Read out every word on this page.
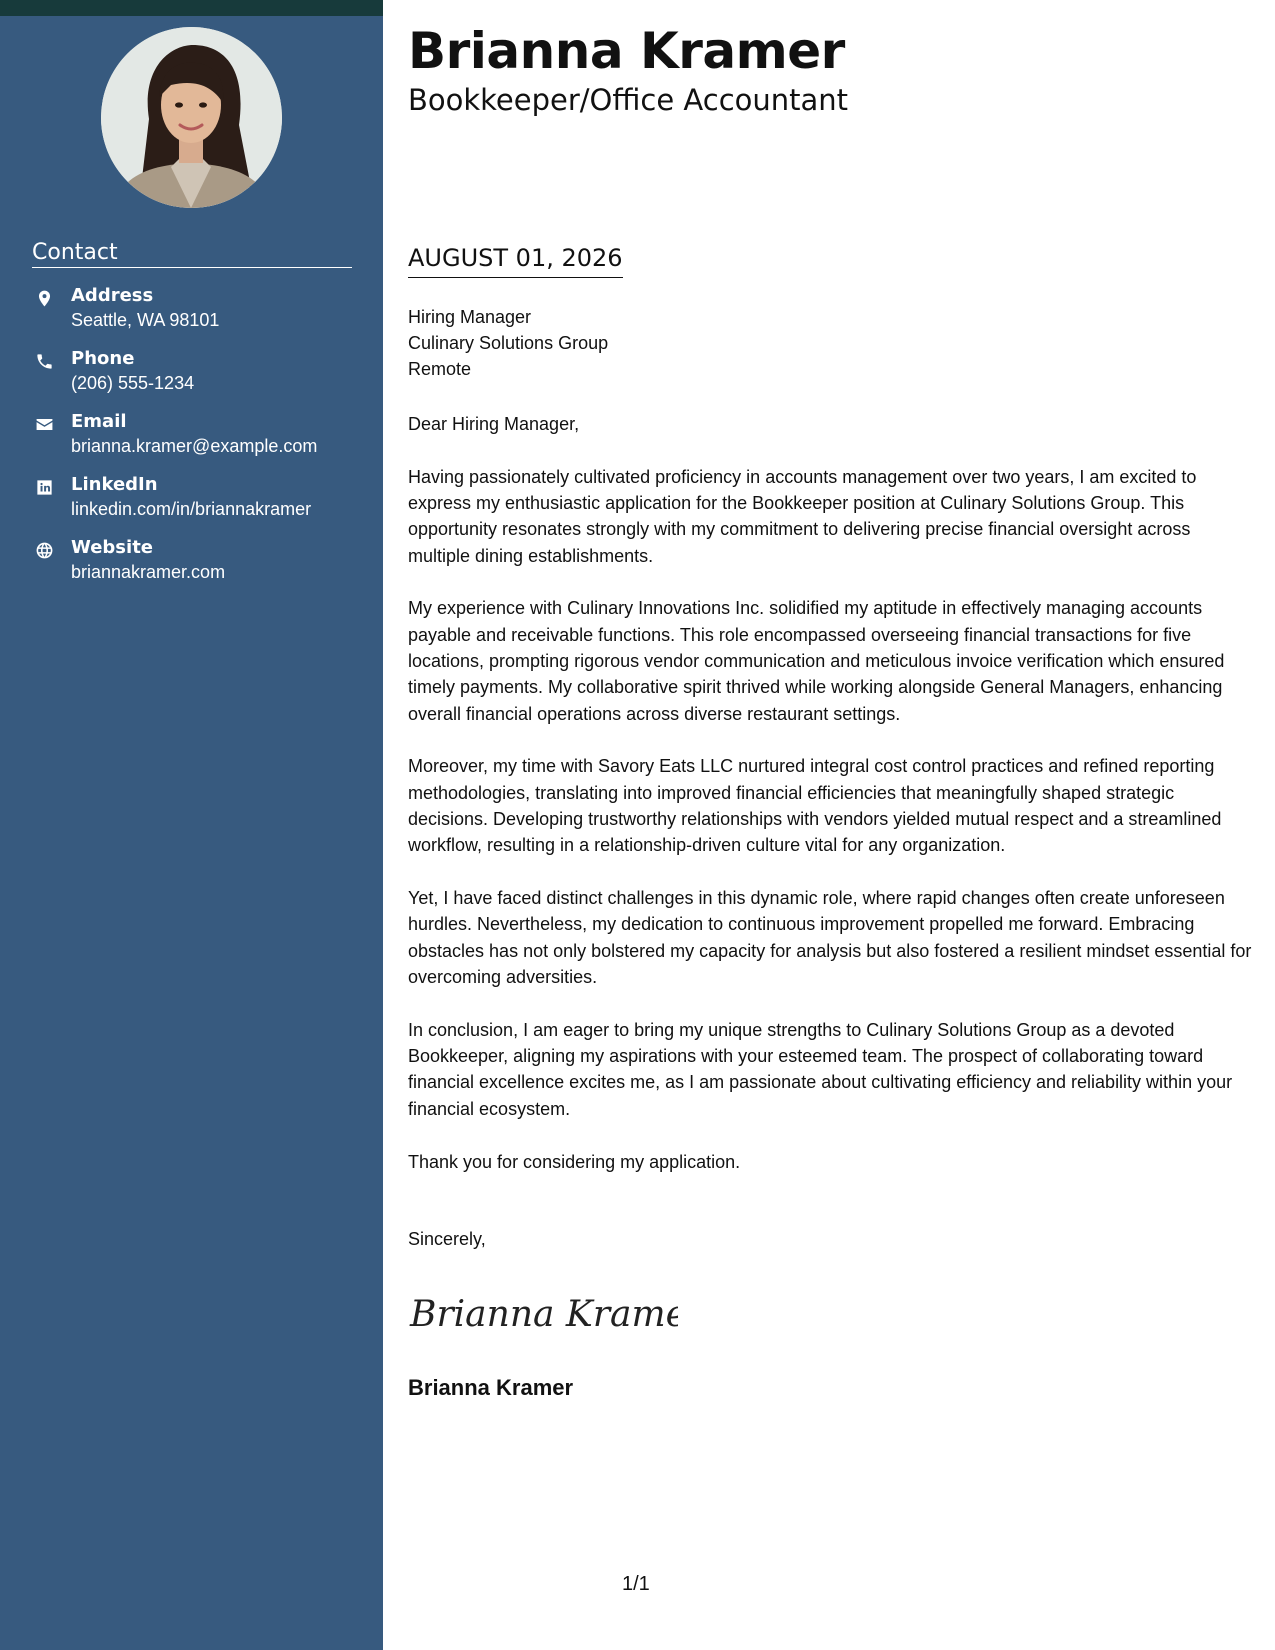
Contact
Address
Seattle, WA 98101
Phone
(206) 555-1234
Email
brianna.kramer@example.com
LinkedIn
linkedin.com/in/briannakramer
Website
briannakramer.com
Brianna Kramer
Bookkeeper/Office Accountant
AUGUST 01, 2026
Hiring Manager
Culinary Solutions Group
Remote

Dear Hiring Manager,

Having passionately cultivated proficiency in accounts management over two years, I am excited to express my enthusiastic application for the Bookkeeper position at Culinary Solutions Group. This opportunity resonates strongly with my commitment to delivering precise financial oversight across multiple dining establishments.

My experience with Culinary Innovations Inc. solidified my aptitude in effectively managing accounts payable and receivable functions. This role encompassed overseeing financial transactions for five locations, prompting rigorous vendor communication and meticulous invoice verification which ensured timely payments. My collaborative spirit thrived while working alongside General Managers, enhancing overall financial operations across diverse restaurant settings.

Moreover, my time with Savory Eats LLC nurtured integral cost control practices and refined reporting methodologies, translating into improved financial efficiencies that meaningfully shaped strategic decisions. Developing trustworthy relationships with vendors yielded mutual respect and a streamlined workflow, resulting in a relationship-driven culture vital for any organization.

Yet, I have faced distinct challenges in this dynamic role, where rapid changes often create unforeseen hurdles. Nevertheless, my dedication to continuous improvement propelled me forward. Embracing obstacles has not only bolstered my capacity for analysis but also fostered a resilient mindset essential for overcoming adversities.

In conclusion, I am eager to bring my unique strengths to Culinary Solutions Group as a devoted Bookkeeper, aligning my aspirations with your esteemed team. The prospect of collaborating toward financial excellence excites me, as I am passionate about cultivating efficiency and reliability within your financial ecosystem.

Thank you for considering my application.

Sincerely,
Brianna Kramer
Brianna Kramer
1/1
